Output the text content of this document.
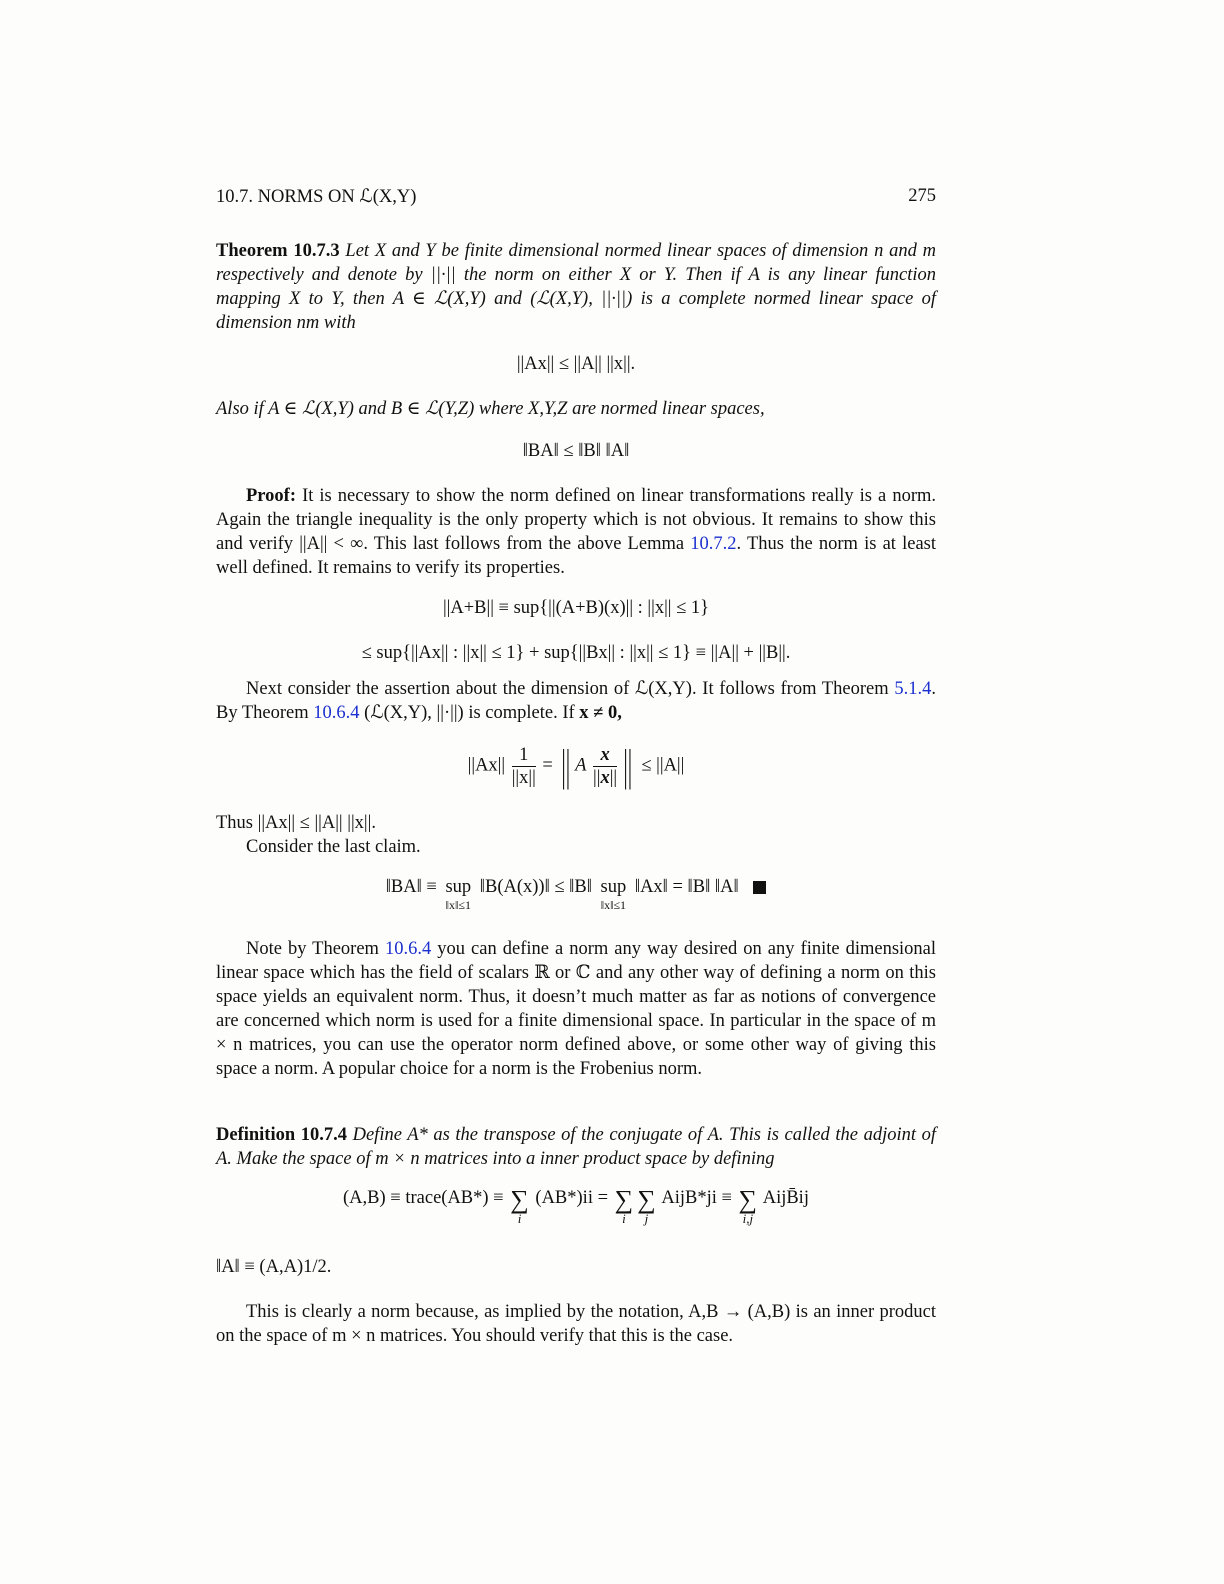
10.7. NORMS ON ℒ(X,Y)	275
Theorem 10.7.3 Let X and Y be finite dimensional normed linear spaces of dimension n and m respectively and denote by ||·|| the norm on either X or Y. Then if A is any linear function mapping X to Y, then A ∈ ℒ(X,Y) and (ℒ(X,Y), ||·||) is a complete normed linear space of dimension nm with
||Ax|| ≤ ||A|| ||x||.
Also if A ∈ ℒ(X,Y) and B ∈ ℒ(Y,Z) where X,Y,Z are normed linear spaces,
‖BA‖ ≤ ‖B‖ ‖A‖
Proof: It is necessary to show the norm defined on linear transformations really is a norm. Again the triangle inequality is the only property which is not obvious. It remains to show this and verify ||A|| < ∞. This last follows from the above Lemma 10.7.2. Thus the norm is at least well defined. It remains to verify its properties.
||A+B|| ≡ sup{||(A+B)(x)|| : ||x|| ≤ 1}
≤ sup{||Ax|| : ||x|| ≤ 1} + sup{||Bx|| : ||x|| ≤ 1} ≡ ||A|| + ||B||.
Next consider the assertion about the dimension of ℒ(X,Y). It follows from Theorem 5.1.4. By Theorem 10.6.4 (ℒ(X,Y), ||·||) is complete. If x ≠ 0,
$||Ax|| \frac{1}{||x||}$ = || A $\frac{x}{||x||}$ || ≤ ||A||
Thus ||Ax|| ≤ ||A|| ||x||.
Consider the last claim.
‖BA‖ ≡ sup
‖x‖≤1
‖B(A(x))‖ ≤ ‖B‖ sup
‖x‖≤1
‖Ax‖ = ‖B‖ ‖A‖
Note by Theorem 10.6.4 you can define a norm any way desired on any finite dimensional linear space which has the field of scalars ℝ or ℂ and any other way of defining a norm on this space yields an equivalent norm. Thus, it doesn’t much matter as far as notions of convergence are concerned which norm is used for a finite dimensional space. In particular in the space of m × n matrices, you can use the operator norm defined above, or some other way of giving this space a norm. A popular choice for a norm is the Frobenius norm.
Definition 10.7.4 Define A* as the transpose of the conjugate of A. This is called the adjoint of A. Make the space of m × n matrices into a inner product space by defining
(A,B) ≡ trace(AB*) ≡ ∑
i
(AB*)ii = ∑
i
∑
j
AijB*ji ≡ ∑
i,j
AijB̄ij
‖A‖ ≡ (A,A)1/2.
This is clearly a norm because, as implied by the notation, A,B → (A,B) is an inner product on the space of m × n matrices. You should verify that this is the case.
